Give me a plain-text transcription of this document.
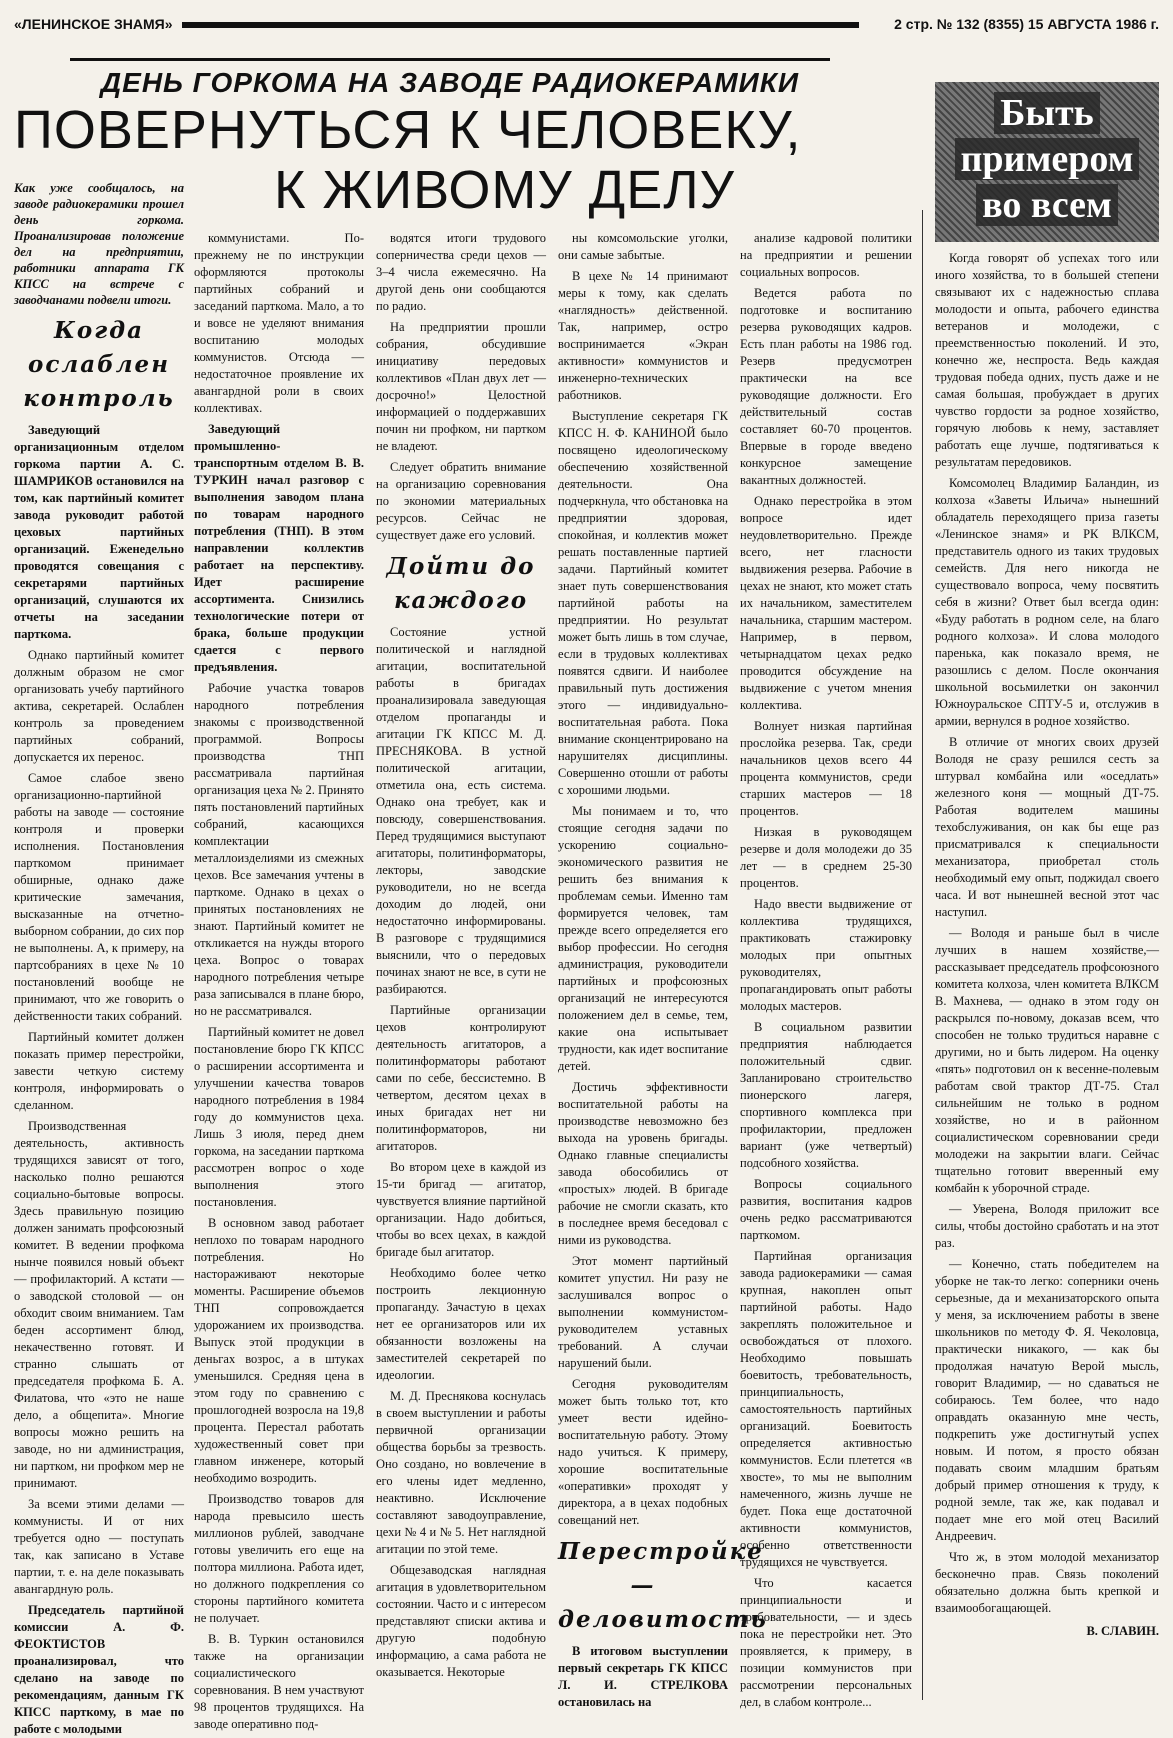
«ЛЕНИНСКОЕ ЗНАМЯ»	2 стр. № 132 (8355) 15 АВГУСТА 1986 г.
ДЕНЬ ГОРКОМА НА ЗАВОДЕ РАДИОКЕРАМИКИ
ПОВЕРНУТЬСЯ К ЧЕЛОВЕКУ,
К ЖИВОМУ ДЕЛУ
Быть
примером
во всем
Как уже сообщалось, на заводе радиокерамики прошел день горкома. Проанализировав положение дел на предприятии, работники аппарата ГК КПСС на встрече с заводчанами подвели итоги.
Когда ослаблен контроль

Заведующий организационным отделом горкома партии А. С. ШАМРИКОВ остановился на том, как партийный комитет завода руководит работой цеховых партийных организаций. Еженедельно проводятся совещания с секретарями партийных организаций, слушаются их отчеты на заседании парткома.

Однако партийный комитет должным образом не смог организовать учебу партийного актива, секретарей. Ослаблен контроль за проведением партийных собраний, допускается их перенос.

Самое слабое звено организационно-партийной работы на заводе — состояние контроля и проверки исполнения. Постановления парткомом принимает обширные, однако даже критические замечания, высказанные на отчетно-выборном собрании, до сих пор не выполнены. А, к примеру, на партсобраниях в цехе № 10 постановлений вообще не принимают, что же говорить о действенности таких собраний.

Партийный комитет должен показать пример перестройки, завести четкую систему контроля, информировать о сделанном.

Производственная деятельность, активность трудящихся зависят от того, насколько полно решаются социально-бытовые вопросы. Здесь правильную позицию должен занимать профсоюзный комитет. В ведении профкома нынче появился новый объект — профилакторий. А кстати — о заводской столовой — он обходит своим вниманием. Там беден ассортимент блюд, некачественно готовят. И странно слышать от председателя профкома Б. А. Филатова, что «это не наше дело, а общепита». Многие вопросы можно решить на заводе, но ни администрация, ни партком, ни профком мер не принимают.

За всеми этими делами — коммунисты. И от них требуется одно — поступать так, как записано в Уставе партии, т. е. на деле показывать авангардную роль.

Председатель партийной комиссии А. Ф. ФЕОКТИСТОВ проанализировал, что сделано на заводе по рекомендациям, данным ГК КПСС парткому, в мае по работе с молодыми

коммунистами. По-прежнему не по инструкции оформляются протоколы партийных собраний и заседаний парткома. Мало, а то и вовсе не уделяют внимания воспитанию молодых коммунистов. Отсюда — недостаточное проявление их авангардной роли в своих коллективах.

Заведующий промышленно-транспортным отделом В. В. ТУРКИН начал разговор с выполнения заводом плана по товарам народного потребления (ТНП). В этом направлении коллектив работает на перспективу. Идет расширение ассортимента. Снизились технологические потери от брака, больше продукции сдается с первого предъявления.

Рабочие участка товаров народного потребления знакомы с производственной программой. Вопросы производства ТНП рассматривала партийная организация цеха № 2. Принято пять постановлений партийных собраний, касающихся комплектации металлоизделиями из смежных цехов. Все замечания учтены в парткоме. Однако в цехах о принятых постановлениях не знают. Партийный комитет не откликается на нужды второго цеха. Вопрос о товарах народного потребления четыре раза записывался в плане бюро, но не рассматривался.

Партийный комитет не довел постановление бюро ГК КПСС о расширении ассортимента и улучшении качества товаров народного потребления в 1984 году до коммунистов цеха. Лишь 3 июля, перед днем горкома, на заседании парткома рассмотрен вопрос о ходе выполнения этого постановления.

В основном завод работает неплохо по товарам народного потребления. Но настораживают некоторые моменты. Расширение объемов ТНП сопровождается удорожанием их производства. Выпуск этой продукции в деньгах возрос, а в штуках уменьшился. Средняя цена в этом году по сравнению с прошлогодней возросла на 19,8 процента. Перестал работать художественный совет при главном инженере, который необходимо возродить.

Производство товаров для народа превысило шесть миллионов рублей, заводчане готовы увеличить его еще на полтора миллиона. Работа идет, но должного подкрепления со стороны партийного комитета не получает.

В. В. Туркин остановился также на организации социалистического соревнования. В нем участвуют 98 процентов трудящихся. На заводе оперативно под-

водятся итоги трудового соперничества среди цехов — 3–4 числа ежемесячно. На другой день они сообщаются по радио.

На предприятии прошли собрания, обсудившие инициативу передовых коллективов «План двух лет — досрочно!» Целостной информацией о поддержавших почин ни профком, ни партком не владеют.

Следует обратить внимание на организацию соревнования по экономии материальных ресурсов. Сейчас не существует даже его условий.

Дойти до каждого

Состояние устной политической и наглядной агитации, воспитательной работы в бригадах проанализировала заведующая отделом пропаганды и агитации ГК КПСС М. Д. ПРЕСНЯКОВА. В устной политической агитации, отметила она, есть система. Однако она требует, как и повсюду, совершенствования. Перед трудящимися выступают агитаторы, политинформаторы, лекторы, заводские руководители, но не всегда доходим до людей, они недостаточно информированы. В разговоре с трудящимися выяснили, что о передовых починах знают не все, в сути не разбираются.

Партийные организации цехов контролируют деятельность агитаторов, а политинформаторы работают сами по себе, бессистемно. В четвертом, десятом цехах в иных бригадах нет ни политинформаторов, ни агитаторов.

Во втором цехе в каждой из 15-ти бригад — агитатор, чувствуется влияние партийной организации. Надо добиться, чтобы во всех цехах, в каждой бригаде был агитатор.

Необходимо более четко построить лекционную пропаганду. Зачастую в цехах нет ее организаторов или их обязанности возложены на заместителей секретарей по идеологии.

М. Д. Преснякова коснулась в своем выступлении и работы первичной организации общества борьбы за трезвость. Оно создано, но вовлечение в его члены идет медленно, неактивно. Исключение составляют заводоуправление, цехи № 4 и № 5. Нет наглядной агитации по этой теме.

Общезаводская наглядная агитация в удовлетворительном состоянии. Часто и с интересом представляют списки актива и другую подобную информацию, а сама работа не оказывается. Некоторые

ны комсомольские уголки, они самые забытые.

В цехе № 14 принимают меры к тому, как сделать «наглядность» действенной. Так, например, остро воспринимается «Экран активности» коммунистов и инженерно-технических работников.

Выступление секретаря ГК КПСС Н. Ф. КАНИНОЙ было посвящено идеологическому обеспечению хозяйственной деятельности. Она подчеркнула, что обстановка на предприятии здоровая, спокойная, и коллектив может решать поставленные партией задачи. Партийный комитет знает путь совершенствования партийной работы на предприятии. Но результат может быть лишь в том случае, если в трудовых коллективах появятся сдвиги. И наиболее правильный путь достижения этого — индивидуально-воспитательная работа. Пока внимание сконцентрировано на нарушителях дисциплины. Совершенно отошли от работы с хорошими людьми.

Мы понимаем и то, что стоящие сегодня задачи по ускорению социально-экономического развития не решить без внимания к проблемам семьи. Именно там формируется человек, там прежде всего определяется его выбор профессии. Но сегодня администрация, руководители партийных и профсоюзных организаций не интересуются положением дел в семье, тем, какие она испытывает трудности, как идет воспитание детей.

Достичь эффективности воспитательной работы на производстве невозможно без выхода на уровень бригады. Однако главные специалисты завода обособились от «простых» людей. В бригаде рабочие не смогли сказать, кто в последнее время беседовал с ними из руководства.

Этот момент партийный комитет упустил. Ни разу не заслушивался вопрос о выполнении коммунистом-руководителем уставных требований. А случаи нарушений были.

Сегодня руководителям может быть только тот, кто умеет вести идейно-воспитательную работу. Этому надо учиться. К примеру, хорошие воспитательные «оперативки» проходят у директора, а в цехах подобных совещаний нет.

Перестройке — деловитость

В итоговом выступлении первый секретарь ГК КПСС Л. И. СТРЕЛКОВА остановилась на

анализе кадровой политики на предприятии и решении социальных вопросов.

Ведется работа по подготовке и воспитанию резерва руководящих кадров. Есть план работы на 1986 год. Резерв предусмотрен практически на все руководящие должности. Его действительный состав составляет 60-70 процентов. Впервые в городе введено конкурсное замещение вакантных должностей.

Однако перестройка в этом вопросе идет неудовлетворительно. Прежде всего, нет гласности выдвижения резерва. Рабочие в цехах не знают, кто может стать их начальником, заместителем начальника, старшим мастером. Например, в первом, четырнадцатом цехах редко проводится обсуждение на выдвижение с учетом мнения коллектива.

Волнует низкая партийная прослойка резерва. Так, среди начальников цехов всего 44 процента коммунистов, среди старших мастеров — 18 процентов.

Низкая в руководящем резерве и доля молодежи до 35 лет — в среднем 25-30 процентов.

Надо ввести выдвижение от коллектива трудящихся, практиковать стажировку молодых при опытных руководителях, пропагандировать опыт работы молодых мастеров.

В социальном развитии предприятия наблюдается положительный сдвиг. Запланировано строительство пионерского лагеря, спортивного комплекса при профилактории, предложен вариант (уже четвертый) подсобного хозяйства.

Вопросы социального развития, воспитания кадров очень редко рассматриваются парткомом.

Партийная организация завода радиокерамики — самая крупная, накоплен опыт партийной работы. Надо закреплять положительное и освобождаться от плохого. Необходимо повышать боевитость, требовательность, принципиальность, самостоятельность партийных организаций. Боевитость определяется активностью коммунистов. Если плетется «в хвосте», то мы не выполним намеченного, жизнь лучше не будет. Пока еще достаточной активности коммунистов, особенно ответственности трудящихся не чувствуется.

Что касается принципиальности и требовательности, — и здесь пока не перестройки нет. Это проявляется, к примеру, в позиции коммунистов при рассмотрении персональных дел, в слабом контроле...

Когда говорят об успехах того или иного хозяйства, то в большей степени связывают их с надежностью сплава молодости и опыта, рабочего единства ветеранов и молодежи, с преемственностью поколений. И это, конечно же, неспроста. Ведь каждая трудовая победа одних, пусть даже и не самая большая, пробуждает в других чувство гордости за родное хозяйство, горячую любовь к нему, заставляет работать еще лучше, подтягиваться к результатам передовиков.

Комсомолец Владимир Баландин, из колхоза «Заветы Ильича» нынешний обладатель переходящего приза газеты «Ленинское знамя» и РК ВЛКСМ, представитель одного из таких трудовых семейств. Для него никогда не существовало вопроса, чему посвятить себя в жизни? Ответ был всегда один: «Буду работать в родном селе, на благо родного колхоза». И слова молодого паренька, как показало время, не разошлись с делом. После окончания школьной восьмилетки он закончил Южноуральское СПТУ-5 и, отслужив в армии, вернулся в родное хозяйство.

В отличие от многих своих друзей Володя не сразу решился сесть за штурвал комбайна или «оседлать» железного коня — мощный ДТ-75. Работая водителем машины техобслуживания, он как бы еще раз присматривался к специальности механизатора, приобретал столь необходимый ему опыт, поджидал своего часа. И вот нынешней весной этот час наступил.

— Володя и раньше был в числе лучших в нашем хозяйстве,— рассказывает председатель профсоюзного комитета колхоза, член комитета ВЛКСМ В. Махнева, — однако в этом году он раскрылся по-новому, доказав всем, что способен не только трудиться наравне с другими, но и быть лидером. На оценку «пять» подготовил он к весенне-полевым работам свой трактор ДТ-75. Стал сильнейшим не только в родном хозяйстве, но и в районном социалистическом соревновании среди молодежи на закрытии влаги. Сейчас тщательно готовит вверенный ему комбайн к уборочной страде.

— Уверена, Володя приложит все силы, чтобы достойно сработать и на этот раз.

— Конечно, стать победителем на уборке не так-то легко: соперники очень серьезные, да и механизаторского опыта у меня, за исключением работы в звене школьников по методу Ф. Я. Чеколовца, практически никакого, — как бы продолжая начатую Верой мысль, говорит Владимир, — но сдаваться не собираюсь. Тем более, что надо оправдать оказанную мне честь, подкрепить уже достигнутый успех новым. И потом, я просто обязан подавать своим младшим братьям добрый пример отношения к труду, к родной земле, так же, как подавал и подает мне его мой отец Василий Андреевич.

Что ж, в этом молодой механизатор бесконечно прав. Связь поколений обязательно должна быть крепкой и взаимообогащающей.

В. СЛАВИН.
